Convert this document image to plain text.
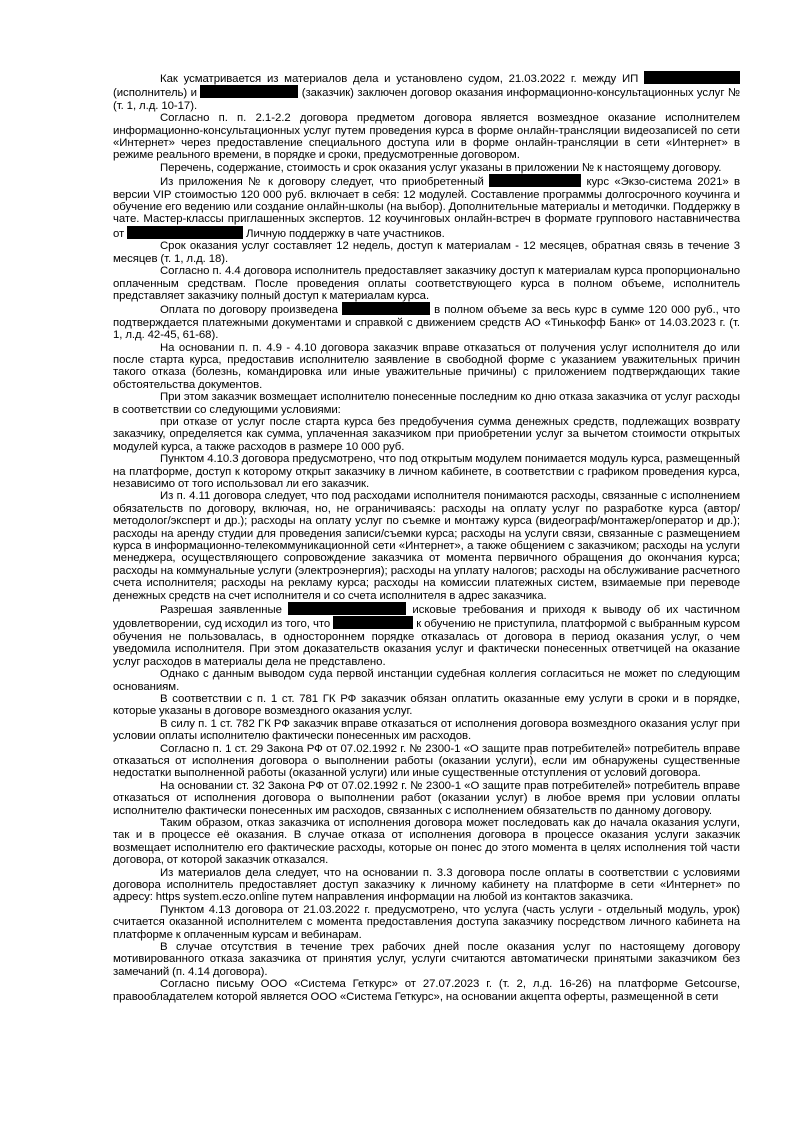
Как усматривается из материалов дела и установлено судом, 21.03.2022 г. между ИП  (исполнитель) и	(заказчик) заключен договор оказания информационно-консультационных услуг № (т. 1, л.д. 10-17).

Согласно п. п. 2.1-2.2 договора предметом договора является возмездное оказание исполнителем информационно-консультационных услуг путем проведения курса в форме онлайн-трансляции видеозаписей по сети «Интернет» через предоставление специального доступа или в форме онлайн-трансляции в сети «Интернет» в режиме реального времени, в порядке и сроки, предусмотренные договором.

Перечень, содержание, стоимость и срок оказания услуг указаны в приложении № к настоящему договору.

Из приложения № к договору следует, что приобретенный	курс «Экзо-система 2021» в версии VIP стоимостью 120 000 руб. включает в себя: 12 модулей. Составление программы долгосрочного коучинга и обучение его ведению или создание онлайн-школы (на выбор). Дополнительные материалы и методички. Поддержку в чате. Мастер-классы приглашенных экспертов. 12 коучинговых онлайн-встреч в формате группового наставничества от	Личную поддержку в чате участников.

Срок оказания услуг составляет 12 недель, доступ к материалам - 12 месяцев, обратная связь в течение 3 месяцев (т. 1, л.д. 18).

Согласно п. 4.4 договора исполнитель предоставляет заказчику доступ к материалам курса пропорционально оплаченным средствам. После проведения оплаты соответствующего курса в полном объеме, исполнитель представляет заказчику полный доступ к материалам курса.

Оплата по договору произведена	в полном объеме за весь курс в сумме 120 000 руб., что подтверждается платежными документами и справкой с движением средств АО «Тинькофф Банк» от 14.03.2023 г. (т. 1, л.д. 42-45, 61-68).

На основании п. п. 4.9 - 4.10 договора заказчик вправе отказаться от получения услуг исполнителя до или после старта курса, предоставив исполнителю заявление в свободной форме с указанием уважительных причин такого отказа (болезнь, командировка или иные уважительные причины) с приложением подтверждающих такие обстоятельства документов.

При этом заказчик возмещает исполнителю понесенные последним ко дню отказа заказчика от услуг расходы в соответствии со следующими условиями:

при отказе от услуг после старта курса без предобучения сумма денежных средств, подлежащих возврату заказчику, определяется как сумма, уплаченная заказчиком при приобретении услуг за вычетом стоимости открытых модулей курса, а также расходов в размере 10 000 руб.

Пунктом 4.10.3 договора предусмотрено, что под открытым модулем понимается модуль курса, размещенный на платформе, доступ к которому открыт заказчику в личном кабинете, в соответствии с графиком проведения курса, независимо от того использовал ли его заказчик.

Из п. 4.11 договора следует, что под расходами исполнителя понимаются расходы, связанные с исполнением обязательств по договору, включая, но, не ограничиваясь: расходы на оплату услуг по разработке курса (автор/методолог/эксперт и др.); расходы на оплату услуг по съемке и монтажу курса (видеограф/монтажер/оператор и др.); расходы на аренду студии для проведения записи/съемки курса; расходы на услуги связи, связанные с размещением курса в информационно-телекоммуникационной сети «Интернет», а также общением с заказчиком; расходы на услуги менеджера, осуществляющего сопровождение заказчика от момента первичного обращения до окончания курса; расходы на коммунальные услуги (электроэнергия); расходы на уплату налогов; расходы на обслуживание расчетного счета исполнителя; расходы на рекламу курса; расходы на комиссии платежных систем, взимаемые при переводе денежных средств на счет исполнителя и со счета исполнителя в адрес заказчика.

Разрешая заявленные	исковые требования и приходя к выводу об их частичном удовлетворении, суд исходил из того, что	к обучению не приступила, платформой с выбранным курсом обучения не пользовалась, в одностороннем порядке отказалась от договора в период оказания услуг, о чем уведомила исполнителя. При этом доказательств оказания услуг и фактически понесенных ответчицей на оказание услуг расходов в материалы дела не представлено.

Однако с данным выводом суда первой инстанции судебная коллегия согласиться не может по следующим основаниям.

В соответствии с п. 1 ст. 781 ГК РФ заказчик обязан оплатить оказанные ему услуги в сроки и в порядке, которые указаны в договоре возмездного оказания услуг.

В силу п. 1 ст. 782 ГК РФ заказчик вправе отказаться от исполнения договора возмездного оказания услуг при условии оплаты исполнителю фактически понесенных им расходов.

Согласно п. 1 ст. 29 Закона РФ от 07.02.1992 г. № 2300-1 «О защите прав потребителей» потребитель вправе отказаться от исполнения договора о выполнении работы (оказании услуги), если им обнаружены существенные недостатки выполненной работы (оказанной услуги) или иные существенные отступления от условий договора.

На основании ст. 32 Закона РФ от 07.02.1992 г. № 2300-1 «О защите прав потребителей» потребитель вправе отказаться от исполнения договора о выполнении работ (оказании услуг) в любое время при условии оплаты исполнителю фактически понесенных им расходов, связанных с исполнением обязательств по данному договору.

Таким образом, отказ заказчика от исполнения договора может последовать как до начала оказания услуги, так и в процессе её оказания. В случае отказа от исполнения договора в процессе оказания услуги заказчик возмещает исполнителю его фактические расходы, которые он понес до этого момента в целях исполнения той части договора, от которой заказчик отказался.

Из материалов дела следует, что на основании п. 3.3 договора после оплаты в соответствии с условиями договора исполнитель предоставляет доступ заказчику к личному кабинету на платформе в сети «Интернет» по адресу: https system.eczo.online путем направления информации на любой из контактов заказчика.

Пунктом 4.13 договора от 21.03.2022 г. предусмотрено, что услуга (часть услуги - отдельный модуль, урок) считается оказанной исполнителем с момента предоставления доступа заказчику посредством личного кабинета на платформе к оплаченным курсам и вебинарам.

В случае отсутствия в течение трех рабочих дней после оказания услуг по настоящему договору мотивированного отказа заказчика от принятия услуг, услуги считаются автоматически принятыми заказчиком без замечаний (п. 4.14 договора).

Согласно письму ООО «Система Геткурс» от 27.07.2023 г. (т. 2, л.д. 16-26) на платформе Getcourse, правообладателем которой является ООО «Система Геткурс», на основании акцепта оферты, размещенной в сети
